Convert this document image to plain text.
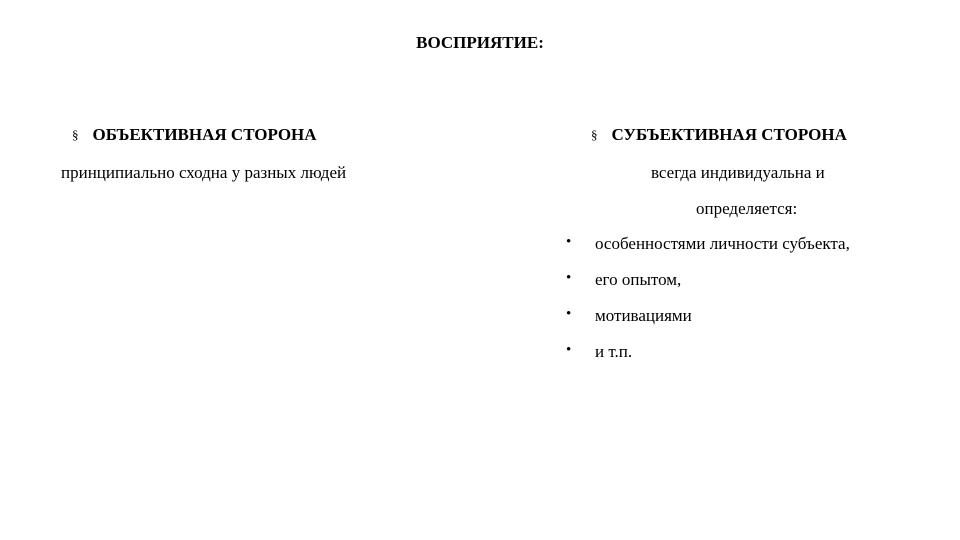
ВОСПРИЯТИЕ:
§ ОБЪЕКТИВНАЯ СТОРОНА
принципиально сходна у разных людей
§ СУБЪЕКТИВНАЯ СТОРОНА
всегда индивидуальна и
определяется:
•	особенностями личности субъекта,
•	его опытом,
•	мотивациями
•	и т.п.
